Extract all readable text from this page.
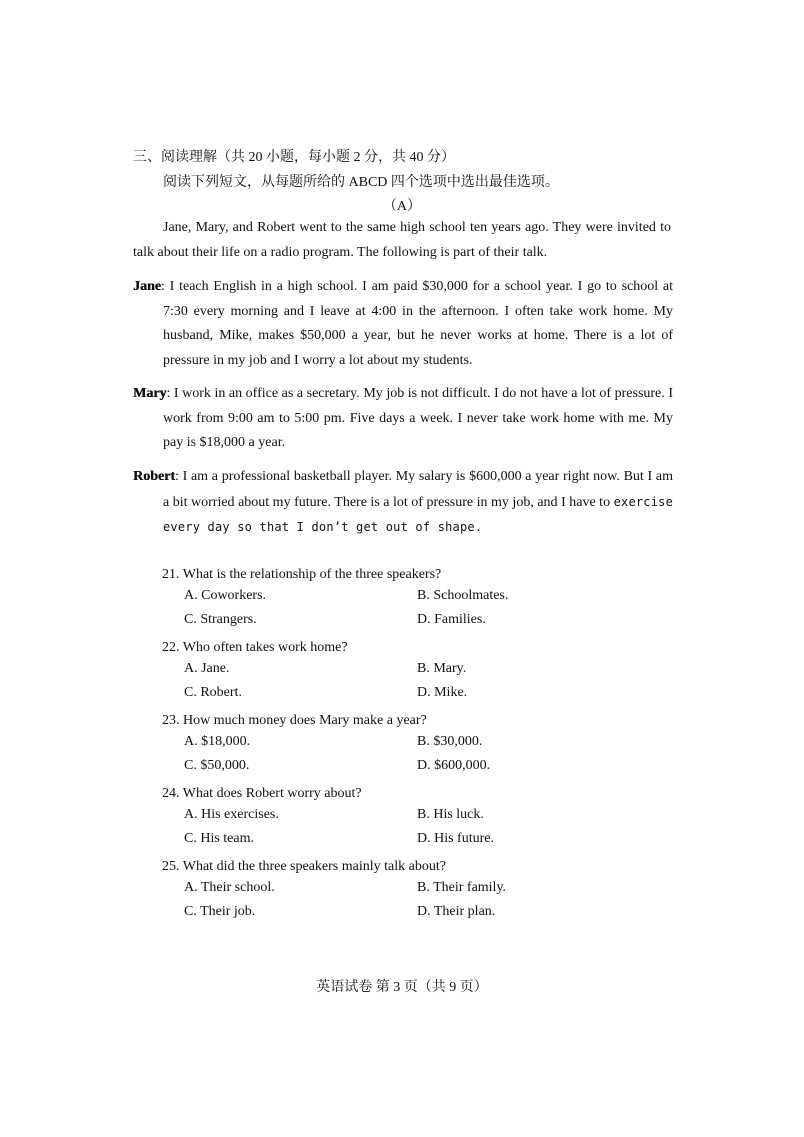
三、阅读理解（共 20 小题，每小题 2 分，共 40 分）
阅读下列短文，从每题所给的 ABCD 四个选项中选出最佳选项。
（A）
Jane, Mary, and Robert went to the same high school ten years ago. They were invited to talk about their life on a radio program. The following is part of their talk.
Jane: I teach English in a high school. I am paid $30,000 for a school year. I go to school at 7:30 every morning and I leave at 4:00 in the afternoon. I often take work home. My husband, Mike, makes $50,000 a year, but he never works at home. There is a lot of pressure in my job and I worry a lot about my students.
Mary: I work in an office as a secretary. My job is not difficult. I do not have a lot of pressure. I work from 9:00 am to 5:00 pm. Five days a week. I never take work home with me. My pay is $18,000 a year.
Robert: I am a professional basketball player. My salary is $600,000 a year right now. But I am a bit worried about my future. There is a lot of pressure in my job, and I have to exercise every day so that I don’t get out of shape.
21. What is the relationship of the three speakers?
A. Coworkers.	B. Schoolmates.
C. Strangers.	D. Families.
22. Who often takes work home?
A. Jane.	B. Mary.
C. Robert.	D. Mike.
23. How much money does Mary make a year?
A. $18,000.	B. $30,000.
C. $50,000.	D. $600,000.
24. What does Robert worry about?
A. His exercises.	B. His luck.
C. His team.	D. His future.
25. What did the three speakers mainly talk about?
A. Their school.	B. Their family.
C. Their job.	D. Their plan.
英语试卷 第 3 页（共 9 页）
